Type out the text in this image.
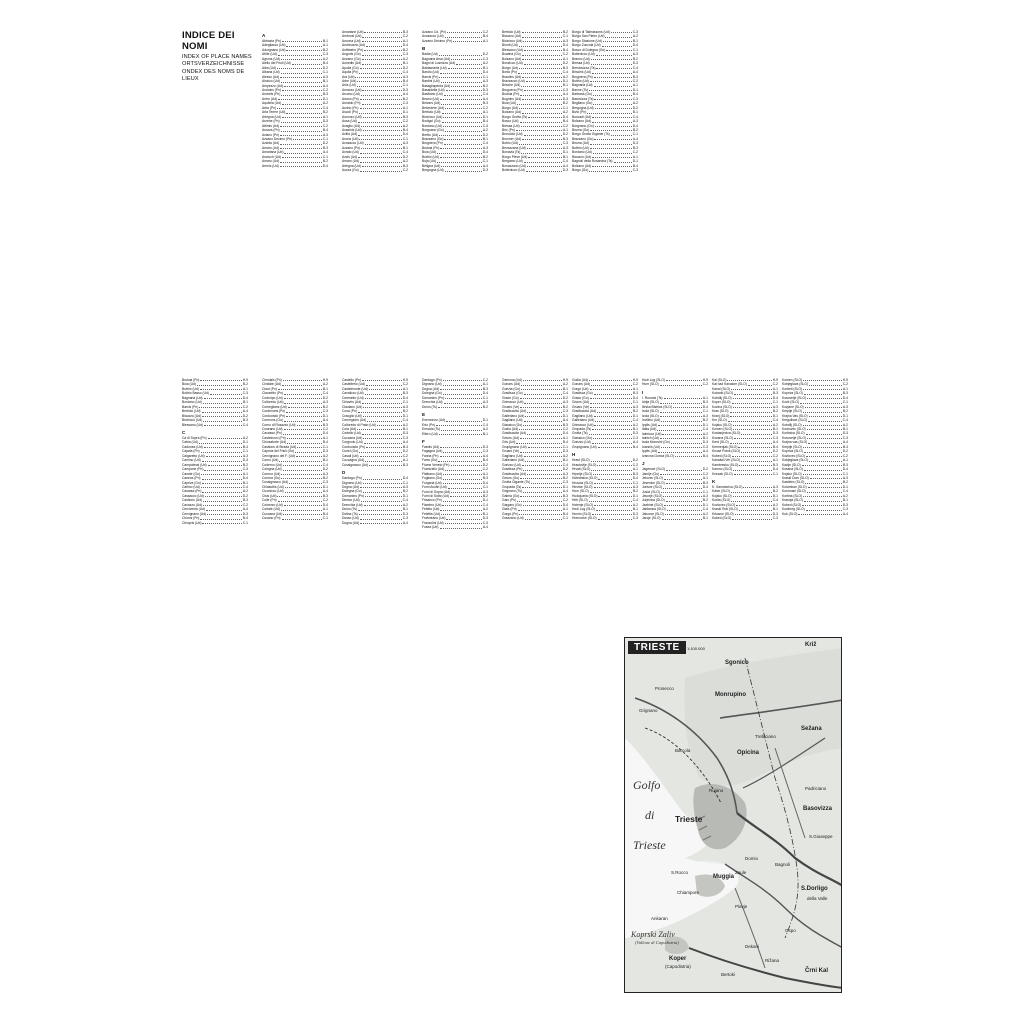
INDICE DEI NOMI
INDEX OF PLACE NAMES
ORTSVERZEICHNISSE
ONDEX DES NOMS DE LIEUX
A
Abbazia (Pn)	B-1
Adegliacco (Ud)	A-1
Adorgnano (Ud)	B-2
Afrile (Ud)	C-3
Agrons (Ud)	A-2
Aiello del Friuli (Ud)	B-4
Aiba (Ud)	D-2
Albana (Ud)	C-1
Alesso (Ud)	A-3
Alnicco (Ud)	B-1
Ampezzo (Ud)	A-4
Anduins (Pn)	C-2
Andreis (Pn)	B-3
Antro (Ud)	D-1
Aquileia (Ud)	A-2
Arba (Pn)	C-4
Arta Terme (Ud)	B-2
Artegna (Ud)	A-1
Arzene (Pn)	D-3
Attimis (Ud)	C-2
Aurava (Pn)	B-4
Aviano (Pn)	A-3
Azzano Decimo (Pn)	C-1
Azzida (Ud)	D-2
Amaro (Ud)	B-3
Amariana (Ud)	A-4
Anzioch (Ud)	C-1
Amaro (Ud)	B-2
Arenis (Ud)	D-4
Amariane (Ud)	B-3
Ambrosi (Ud)	C-2
Ancona (Ud)	A-1
Andreuzza (Ud)	D-4
Anfiteatro (Pn)	B-2
Angoris (Go)	C-3
Anzano (Go)	A-2
Aonedis (Ud)	B-1
Apulia (Go)	D-2
Aquila (Pn)	C-4
Ara (Ud)	A-3
Arbe (Ud)	B-4
Ariis (Ud)	C-1
Arnazzo (Ud)	D-3
Arcano (Ud)	A-4
Ariano (Pn)	B-2
Arnaldo (Pn)	C-3
Arzino (Pn)	A-1
Ascoli (Pn)	D-1
Auronzo (Ud)	B-3
Ausa (Ud)	C-2
Avaglio (Ud)	A-2
Avasinis (Ud)	B-4
Avilla (Ud)	D-4
Avons (Ud)	C-1
Avosacco (Ud)	A-3
Azzano (Pn)	B-1
Avrato (Ud)	C-4
Azzis (Ud)	D-2
Amaro (Ud)	A-2
Artegna (Ud)	B-3
Auzza (Go)	C-2
Azzano Cd. (Pn)	C-2
Avosacco (Ud)	B-4
Azzano Decimo (Pn)	A-1
B
Badia (Ud)	D-2
Bagnaria Arsa (Ud)	C-3
Bagni di Lusnizza (Ud)	A-2
Baldasseria (Ud)	B-1
Bando (Ud)	D-4
Barcis (Pn)	C-1
Bardini (Ud)	A-3
Basagliapenta (Ud)	B-2
Basaldella (Ud)	D-3
Basiliano (Ud)	C-4
Beano (Ud)	A-4
Beivars (Ud)	B-3
Belvedere (Ud)	C-2
Bertiolo (Ud)	A-1
Bicinicco (Ud)	D-1
Bodigoi (Go)	B-4
Bordano (Ud)	C-3
Borgnano (Go)	A-2
Bretto (Ud)	D-2
Brazzano (Go)	B-1
Brugnera (Pn)	C-4
Budoia (Pn)	A-3
Buia (Ud)	D-4
Buttrio (Ud)	B-2
Buja (Ud)	C-1
Beligna (Ud)	A-4
Bergogna (Ud)	D-3
Bertiolo (Ud)	B-2
Biauzzo (Ud)	C-1
Bicinicco (Ud)	A-3
Biordi (Ud)	D-4
Blessano (Ud)	B-4
Boatina (Go)	C-2
Bolzano (Ud)	A-1
Bonzicco (Ud)	D-2
Borgo (Ud)	B-3
Borta (Pn)	C-4
Braulins (Ud)	A-2
Brazzacco (Ud)	D-1
Brische (Ud)	B-1
Brugnera (Pn)	C-3
Budoia (Pn)	A-4
Bugnins (Ud)	D-3
Buia (Ud)	B-2
Burgo (Ud)	C-1
Bolzano (Ud)	A-2
Borgo Grotta (Ts)	D-4
Bosco (Ud)	B-4
Bressa (Ud)	C-2
Bric (Pn)	A-1
Brondolo (Ud)	D-2
Brunner (Ud)	B-3
Butrio (Ud)	C-3
Bevazzana (Ud)	A-3
Bonavia (Ts)	D-1
Borgo Pieve (Ud)	B-1
Bergamo (Ud)	C-4
Bonazzano (Ud)	A-4
Bottenicco (Ud)	D-3
Borgo di Talmassons (Ud)	C-3
Borgo San Pietro (Ud)	A-2
Borgo Stazione (Ud)	B-1
Borgo Zuccola (Ud)	D-4
Bosco di Dolegna (Go)	C-1
Bottenicco (Ud)	A-3
Branco (Ud)	B-2
Bressa (Ud)	D-3
Brestovizza (Ts)	C-4
Brischis (Ud)	A-4
Brugnera (Pn)	B-3
Buttrio (Ud)	C-2
Bagnaria (Ud)	A-1
Banne (Ts)	D-1
Barbana (Go)	B-4
Basovizza (Ts)	C-3
Begliano (Go)	A-2
Bergogna (Ud)	D-2
Bivio (Pn)	B-1
Boccadi (Ud)	C-4
Bolzano (Ud)	A-3
Borgnano (Go)	D-4
Bruma (Go)	B-2
Borgo Grotta Gigante (Ts)	C-1
Brazzano (Go)	A-4
Bruma (Ud)	D-3
Buttrio (Ud)	B-3
Bordano (Ud)	C-2
Biauzzo (Ud)	A-1
Bagnoli della Rosandra (Ts)	D-1
Bolzano (Ud)	B-4
Borgo (Go)	C-3
Budoia (Pn)	H-9
Buia (Ud)	B-2
Buttrio (Ud)	A-1
Buttrio Basso (Ud)	C-3
Bagnaria (Ud)	D-4
Bordano (Ud)	B-1
Barcis (Pn)	C-2
Bertiolo (Ud)	A-4
Biauzzo (Ud)	D-2
Bicinicco (Ud)	B-3
Blessano (Ud)	C-4
C
Cà di Sopra (Pn)	A-2
Cabia (Ud)	D-1
Cadunea (Ud)	B-4
Cajada (Pn)	C-1
Calgaretto (Ud)	A-3
Camino (Ud)	D-3
Campolessi (Ud)	B-2
Campone (Pn)	C-3
Canale (Go)	A-1
Caneva (Pn)	D-4
Capriva (Go)	B-1
Carlino (Ud)	C-4
Casarsa (Pn)	A-2
Cassacco (Ud)	D-2
Castions (Ud)	B-3
Cavazzo (Ud)	C-2
Cercivento (Ud)	A-4
Cervignano (Ud)	D-3
Chions (Pn)	B-4
Chiopris (Ud)	C-1
Cimolais (Pn)	H-9
Cividale (Ud)	A-2
Claut (Pn)	B-1
Clauzetto (Pn)	C-4
Codroipo (Ud)	D-2
Colloredo (Ud)	A-3
Comeglians (Ud)	B-2
Cordenons (Pn)	C-3
Cordovado (Pn)	D-1
Cormons (Go)	A-4
Corno di Rosazzo (Ud)	B-3
Coseano (Ud)	C-2
Cavasso (Pn)	D-4
Castelnovo (Pn)	A-1
Chiusaforte (Ud)	B-4
Castions di Strada (Ud)	C-1
Capriva del Friuli (Go)	D-3
Cervignano del F. (Ud)	A-2
Corno (Ud)	B-1
Coderno (Ud)	C-4
Colugna (Ud)	D-2
Cormor (Ud)	A-3
Corona (Go)	B-2
Cussignacco (Ud)	C-3
Chiasottis (Ud)	D-1
Ciconicco (Ud)	A-4
Cisis (Ud)	B-3
Colle (Pn)	C-2
Comerzo (Ud)	D-4
Cortale (Ud)	A-1
Cuccana (Ud)	B-4
Cusano (Pn)	C-1
Castello (Pn)	H-9
Castellerio (Ud)	C-2
Castelmonte (Ud)	A-1
Cavalicco (Ud)	B-3
Ceresetto (Ud)	D-4
Chiavris (Ud)	C-1
Clauiano (Ud)	A-3
Cosa (Pn)	B-2
Crauglio (Ud)	D-1
Cerneglons (Ud)	C-4
Colloredo di Prato (Ud)	A-2
Coia (Ud)	B-1
Cortello (Ud)	D-3
Cuccana (Ud)	C-3
Corgnolo (Ud)	A-4
Cordovado (Pn)	B-4
Curiel (Go)	D-2
Casali (Ud)	C-2
Cuccagna (Ud)	A-1
Cussignacco (Ud)	B-3
D
Dardago (Pn)	D-4
Dignano (Ud)	C-1
Dogna (Ud)	A-3
Dolegna (Go)	B-2
Domanins (Pn)	D-1
Dierico (Ud)	C-4
Drenchia (Ud)	A-2
Duino (Ts)	B-1
Dolina (Ts)	D-3
Dosso (Ud)	C-3
Dogna (Ud)	A-4
Dardago (Pn)	C-2
Dignano (Ud)	A-1
Dogna (Ud)	B-3
Dolegna (Go)	D-4
Domanins (Pn)	C-1
Drenchia (Ud)	A-3
Duino (Ts)	B-2
E
Enemonzo (Ud)	D-1
Erto (Pn)	C-4
Ermada (Ts)	A-2
Ellero (Ud)	B-1
F
Faedis (Ud)	D-3
Fagagna (Ud)	C-3
Fanna (Pn)	A-4
Farra (Go)	B-4
Fiume Veneto (Pn)	D-2
Fiumicello (Ud)	C-2
Flaibano (Ud)	A-1
Fogliano (Go)	B-3
Forgaria (Ud)	D-4
Forni Avoltri (Ud)	C-1
Forni di Sopra (Ud)	A-3
Forni di Sotto (Ud)	B-2
Frisanco (Pn)	D-1
Flambro (Ud)	C-4
Feletto (Ud)	A-2
Felettis (Ud)	B-1
Fraforeano (Ud)	D-3
Franzolini (Ud)	C-3
Fusea (Ud)	A-4
Gemona (Ud)	H-9
Gonars (Ud)	A-2
Gorizia (Go)	B-1
Gradisca (Go)	C-4
Grado (Go)	D-2
Grimacco (Ud)	A-3
Gruaro (Ve)	B-2
Gradiscutta (Ud)	C-3
Galleriano (Ud)	D-1
Gagliano (Ud)	A-4
Giassico (Go)	B-3
Godia (Ud)	C-2
Gradiscutta (Ud)	D-4
Grions (Ud)	A-1
Gris (Ud)	B-4
Grupignano (Ud)	C-1
Gruaro (Ve)	D-3
Gagliano (Ud)	A-2
Galleriano (Ud)	B-1
Gorizzo (Ud)	C-4
Gradisca (Pn)	D-2
Gradiscutta (Ud)	A-3
Grions (Go)	B-2
Grotta Gigante (Ts)	C-3
Gropada (Ts)	D-1
Grignano (Ts)	A-4
Gabria (Go)	B-3
Gaio (Pn)	C-2
Gargaro (Go)	D-4
Giais (Pn)	A-1
Gorgo (Pn)	B-4
Grazzano (Ud)	C-1
Godia (Ud)	H-9
Gonars (Ud)	C-2
Gorgo (Ud)	A-1
Gradisca (Go)	B-3
Grado (Go)	D-4
Grions (Ud)	C-1
Gruaro (Ve)	A-3
Gradiscutta (Ud)	B-2
Gagliano (Ud)	D-1
Galleriano (Ud)	C-4
Grimacco (Ud)	A-2
Gropada (Ts)	B-1
Grotta (Ts)	D-3
Giassico (Go)	C-3
Gorizzo (Ud)	A-4
Grupignano (Ud)	B-4
H
Hrast (SLO)	D-2
Hrastovlje (SLO)	C-2
Hrvati (SLO)	A-1
Hrpelje (SLO)	B-3
Hotedrsica (SLO)	D-4
Hrusica (SLO)	C-1
Hlevise (SLO)	A-3
Hum (SLO)	B-2
Hudajuzna (SLO)	D-1
Hrib (SLO)	C-4
Hotenje (SLO)	A-2
Hudi Log (SLO)	B-1
Humin (SLO)	D-3
Hrenovice (SLO)	C-3
Hudi Log (SLO)	H-9
Hum (SLO)	C-2
I
I. Rovoda (Ts)	A-1
Idrija (SLO)	B-3
Ilirska Bistrica (SLO)	D-4
Isola (SLO)	C-1
Izola (SLO)	A-3
Invillino (Ud)	B-2
Ipplis (Ud)	D-1
Italia (Ud)	C-4
Ialmicco (Ud)	A-2
Iainich (Ud)	B-1
Isola Morosini (Go)	D-3
Ioannis (Ud)	C-3
Ipplis (Ud)	A-4
Ivancna Gorica (SLO)	B-4
J
Jagersce (SLO)	D-2
Jamlje (Go)	C-2
Jelovec (SLO)	A-1
Jesenice (SLO)	B-3
Jurisce (SLO)	D-4
Jusici (SLO)	C-1
Javorje (SLO)	A-3
Jurjevica (SLO)	B-2
Jazbine (SLO)	D-1
Jablanica (SLO)	C-4
Jakovce (SLO)	A-2
Jarcje (SLO)	B-1
Kal (SLO)	H-9
Kal nad Kanalom (SLO)	C-2
Kanal (SLO)	A-1
Kobarid (SLO)	B-3
Kobdilj (SLO)	D-4
Koper (SLO)	C-1
Kozina (SLO)	A-3
Kras (SLO)	B-2
Kranj (SLO)	D-1
Krn (SLO)	C-4
Kojsko (SLO)	A-2
Komen (SLO)	B-1
Kostanjevica (SLO)	D-3
Kozana (SLO)	C-3
Kred (SLO)	A-4
Kremenjak (SLO)	B-4
Krvavi Potok (SLO)	D-2
Kubed (SLO)	C-2
Kanalski Vrh (SLO)	A-1
Kambresko (SLO)	B-3
Kamno (SLO)	D-4
Knezak (SLO)	C-1
K
K. Samotorica (SLO)	A-3
Kalce (SLO)	B-2
Kojsko (SLO)	D-1
Korita (SLO)	C-4
Kozlovec (SLO)	A-2
Kraski Rob (SLO)	B-1
Krkavce (SLO)	D-3
Kubed (SLO)	C-3
Komen (SLO)	H-9
Kobjeglava (SLO)	C-2
Kodreti (SLO)	A-1
Kopriva (SLO)	B-3
Kosovelje (SLO)	D-4
Kovk (SLO)	C-1
Kozjane (SLO)	A-3
Kreplje (SLO)	B-2
Krajna Vas (SLO)	D-1
Kregolisce (SLO)	C-4
Kobdilj (SLO)	A-2
Kodrovec (SLO)	B-1
Koritnica (SLO)	D-3
Kosovelje (SLO)	C-3
Krajna vas (SLO)	A-4
Kreplje (SLO)	B-4
Kopriva (SLO)	D-2
Kozlovec (SLO)	C-2
Kobjeglava (SLO)	A-1
Kazlje (SLO)	B-3
Kosana (SLO)	D-4
Kojsko (SLO)	C-1
Kraski Dom (SLO)	A-3
Kastelec (SLO)	B-2
Kolomban (SLO)	D-1
Koromaci (SLO)	C-4
Kortina (SLO)	A-2
Krasnja (SLO)	B-1
Kubed (SLO)	D-3
Kucibreg (SLO)	C-3
Kuk (SLO)	A-4
TRIESTE	1:100.000
Sgonico
Monrupino
Križ
Sežana
Prosecco
Grignano
Barcola	Opicina
Trebiciano
Padriciano
Basovizza
Roiano
Golfo
di
Trieste
Trieste
S.Giuseppe
Bagnoli
Domio
Zaule
S.Dorligo
della Valle
S.Rocco
Muggia
Chiampore
Ankaran
Plavje
Koprski Zaliv
(Vallone di Capodistria)
Koper
(Capodistria)
Dekani
Bertoki
Rižana
Ospo
Črni Kal
